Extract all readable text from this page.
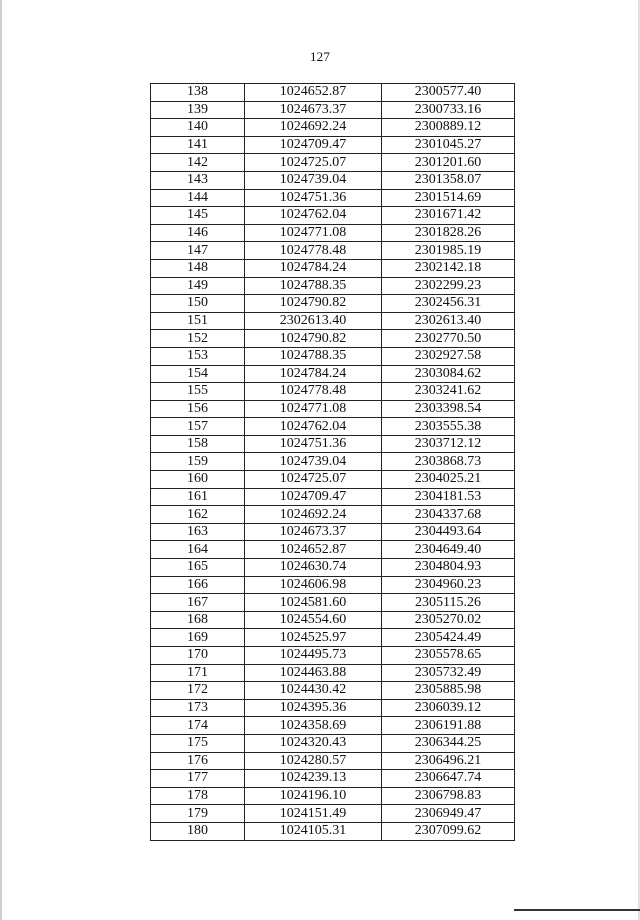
127
138	1024652.87	2300577.40
139	1024673.37	2300733.16
140	1024692.24	2300889.12
141	1024709.47	2301045.27
142	1024725.07	2301201.60
143	1024739.04	2301358.07
144	1024751.36	2301514.69
145	1024762.04	2301671.42
146	1024771.08	2301828.26
147	1024778.48	2301985.19
148	1024784.24	2302142.18
149	1024788.35	2302299.23
150	1024790.82	2302456.31
151	2302613.40	2302613.40
152	1024790.82	2302770.50
153	1024788.35	2302927.58
154	1024784.24	2303084.62
155	1024778.48	2303241.62
156	1024771.08	2303398.54
157	1024762.04	2303555.38
158	1024751.36	2303712.12
159	1024739.04	2303868.73
160	1024725.07	2304025.21
161	1024709.47	2304181.53
162	1024692.24	2304337.68
163	1024673.37	2304493.64
164	1024652.87	2304649.40
165	1024630.74	2304804.93
166	1024606.98	2304960.23
167	1024581.60	2305115.26
168	1024554.60	2305270.02
169	1024525.97	2305424.49
170	1024495.73	2305578.65
171	1024463.88	2305732.49
172	1024430.42	2305885.98
173	1024395.36	2306039.12
174	1024358.69	2306191.88
175	1024320.43	2306344.25
176	1024280.57	2306496.21
177	1024239.13	2306647.74
178	1024196.10	2306798.83
179	1024151.49	2306949.47
180	1024105.31	2307099.62
